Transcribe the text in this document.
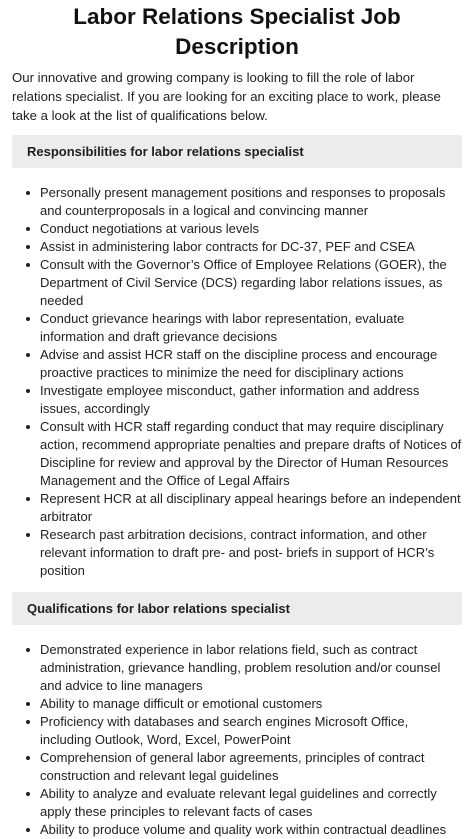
Labor Relations Specialist Job Description

Our innovative and growing company is looking to fill the role of labor relations specialist. If you are looking for an exciting place to work, please take a look at the list of qualifications below.

Responsibilities for labor relations specialist
Personally present management positions and responses to proposals and counterproposals in a logical and convincing manner
Conduct negotiations at various levels
Assist in administering labor contracts for DC-37, PEF and CSEA
Consult with the Governor’s Office of Employee Relations (GOER), the Department of Civil Service (DCS) regarding labor relations issues, as needed
Conduct grievance hearings with labor representation, evaluate information and draft grievance decisions
Advise and assist HCR staff on the discipline process and encourage proactive practices to minimize the need for disciplinary actions
Investigate employee misconduct, gather information and address issues, accordingly
Consult with HCR staff regarding conduct that may require disciplinary action, recommend appropriate penalties and prepare drafts of Notices of Discipline for review and approval by the Director of Human Resources Management and the Office of Legal Affairs
Represent HCR at all disciplinary appeal hearings before an independent arbitrator
Research past arbitration decisions, contract information, and other relevant information to draft pre- and post- briefs in support of HCR’s position
Qualifications for labor relations specialist
Demonstrated experience in labor relations field, such as contract administration, grievance handling, problem resolution and/or counsel and advice to line managers
Ability to manage difficult or emotional customers
Proficiency with databases and search engines Microsoft Office, including Outlook, Word, Excel, PowerPoint
Comprehension of general labor agreements, principles of contract construction and relevant legal guidelines
Ability to analyze and evaluate relevant legal guidelines and correctly apply these principles to relevant facts of cases
Ability to produce volume and quality work within contractual deadlines
